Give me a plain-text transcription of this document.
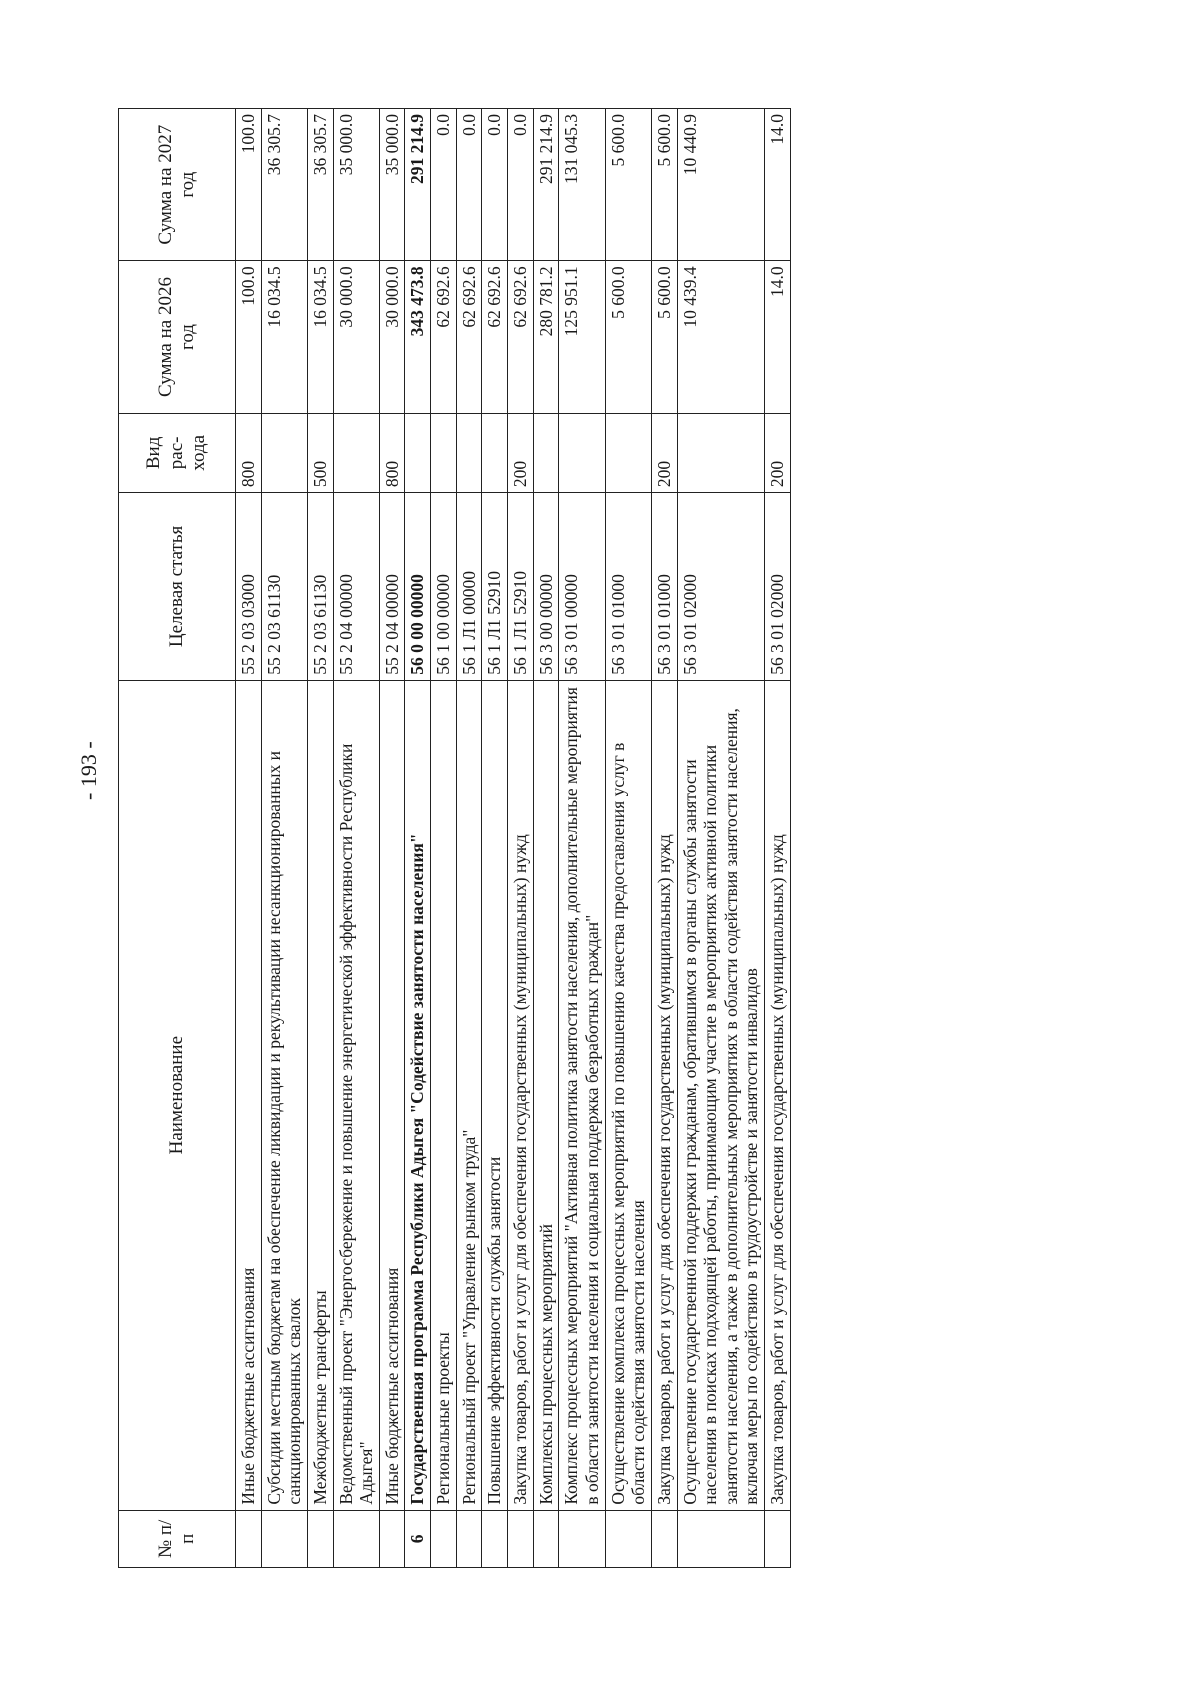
- 193 -
№ п/п	Наименование	Целевая статья	Вид рас-хода	Сумма на 2026 год	Сумма на 2027 год
	Иные бюджетные ассигнования	55 2 03 03000	800	100.0	100.0
	Субсидии местным бюджетам на обеспечение ликвидации и рекультивации несанкционированных и санкционированных свалок	55 2 03 61130		16 034.5	36 305.7
	Межбюджетные трансферты	55 2 03 61130	500	16 034.5	36 305.7
	Ведомственный проект "Энергосбережение и повышение энергетической эффективности Республики Адыгея"	55 2 04 00000		30 000.0	35 000.0
	Иные бюджетные ассигнования	55 2 04 00000	800	30 000.0	35 000.0
6	Государственная программа Республики Адыгея "Содействие занятости населения"	56 0 00 00000		343 473.8	291 214.9
	Региональные проекты	56 1 00 00000		62 692.6	0.0
	Региональный проект "Управление рынком труда"	56 1 Л1 00000		62 692.6	0.0
	Повышение эффективности службы занятости	56 1 Л1 52910		62 692.6	0.0
	Закупка товаров, работ и услуг для обеспечения государственных (муниципальных) нужд	56 1 Л1 52910	200	62 692.6	0.0
	Комплексы процессных мероприятий	56 3 00 00000		280 781.2	291 214.9
	Комплекс процессных мероприятий "Активная политика занятости населения, дополнительные мероприятия в области занятости населения и социальная поддержка безработных граждан"	56 3 01 00000		125 951.1	131 045.3
	Осуществление комплекса процессных мероприятий по повышению качества предоставления услуг в области содействия занятости населения	56 3 01 01000		5 600.0	5 600.0
	Закупка товаров, работ и услуг для обеспечения государственных (муниципальных) нужд	56 3 01 01000	200	5 600.0	5 600.0
	Осуществление государственной поддержки гражданам, обратившимся в органы службы занятости населения в поисках подходящей работы, принимающим участие в мероприятиях активной политики занятости населения, а также в дополнительных мероприятиях в области содействия занятости населения, включая меры по содействию в трудоустройстве и занятости инвалидов	56 3 01 02000		10 439.4	10 440.9
	Закупка товаров, работ и услуг для обеспечения государственных (муниципальных) нужд	56 3 01 02000	200	14.0	14.0
